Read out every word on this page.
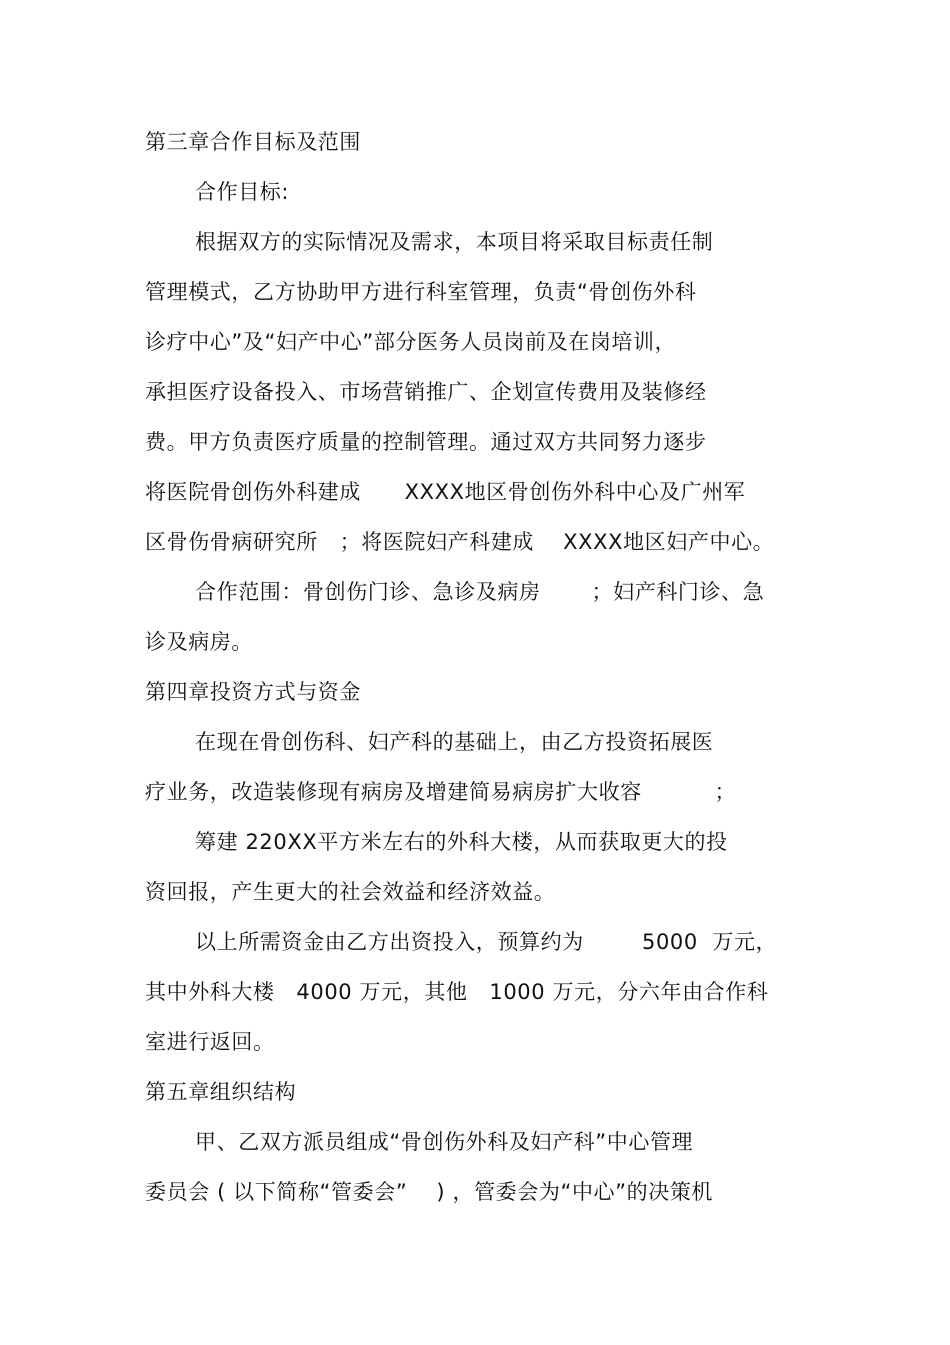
第三章合作目标及范围
合作目标:
根据双方的实际情况及需求，本项目将采取目标责任制
管理模式，乙方协助甲方进行科室管理，负责“骨创伤外科
诊疗中心”及“妇产中心”部分医务人员岗前及在岗培训，
承担医疗设备投入、市场营销推广、企划宣传费用及装修经
费。甲方负责医疗质量的控制管理。通过双方共同努力逐步
将医院骨创伤外科建成      XXXX地区骨创伤外科中心及广州军
区骨伤骨病研究所   ；将医院妇产科建成    XXXX地区妇产中心。
合作范围：骨创伤门诊、急诊及病房       ；妇产科门诊、急
诊及病房。
第四章投资方式与资金
在现在骨创伤科、妇产科的基础上，由乙方投资拓展医
疗业务，改造装修现有病房及增建简易病房扩大收容          ；
筹建 220XX平方米左右的外科大楼，从而获取更大的投
资回报，产生更大的社会效益和经济效益。
以上所需资金由乙方出资投入，预算约为        5000  万元，
其中外科大楼   4000 万元，其他   1000 万元，分六年由合作科
室进行返回。
第五章组织结构
甲、乙双方派员组成“骨创伤外科及妇产科”中心管理
委员会 ( 以下简称“管委会”    ) ，管委会为“中心”的决策机
